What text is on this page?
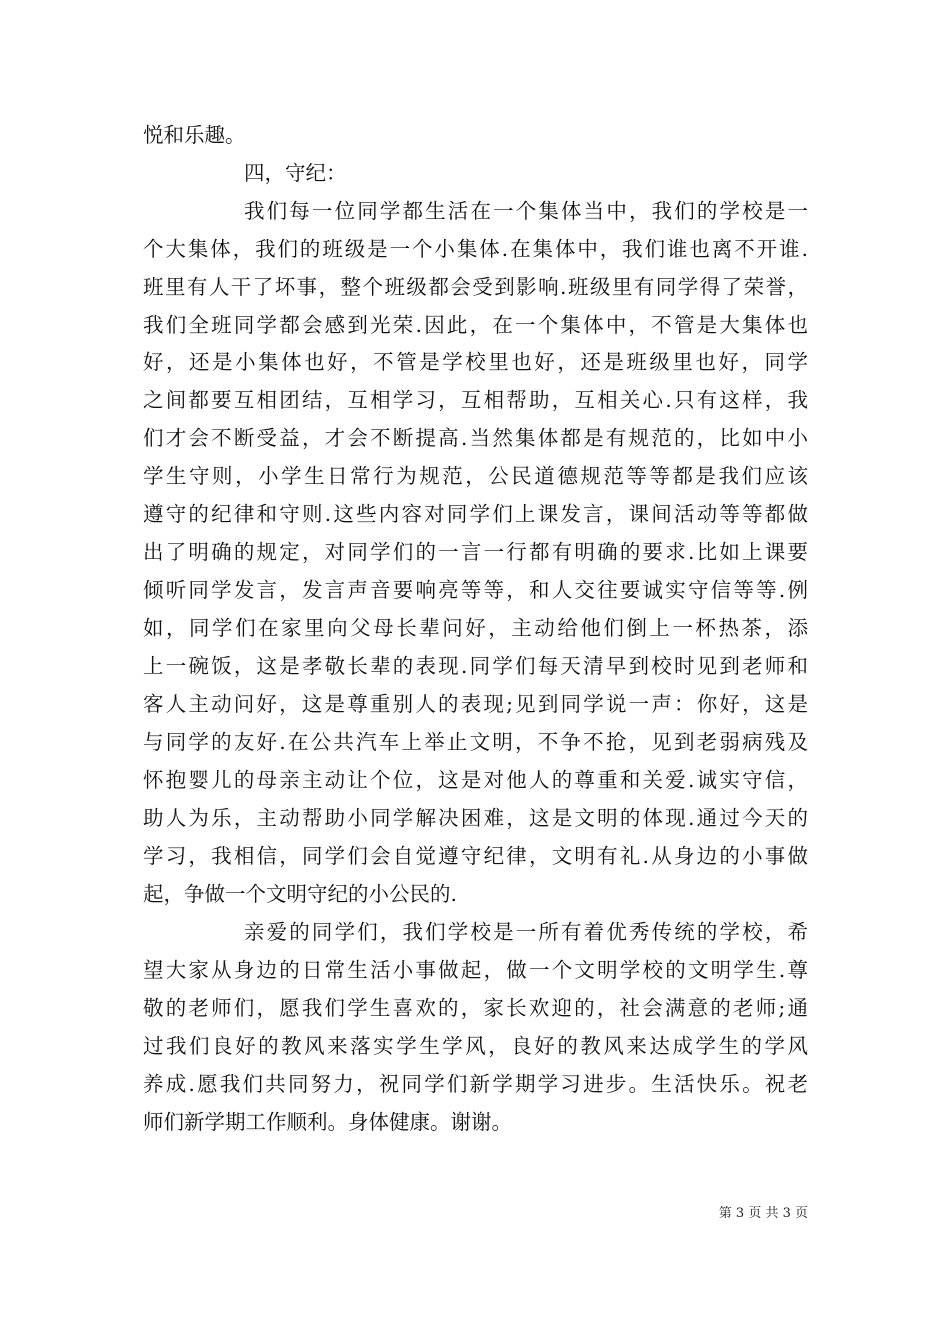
悦和乐趣。
四，守纪：
我们每一位同学都生活在一个集体当中，我们的学校是一
个大集体，我们的班级是一个小集体.在集体中，我们谁也离不开谁.
班里有人干了坏事，整个班级都会受到影响.班级里有同学得了荣誉，
我们全班同学都会感到光荣.因此，在一个集体中，不管是大集体也
好，还是小集体也好，不管是学校里也好，还是班级里也好，同学
之间都要互相团结，互相学习，互相帮助，互相关心.只有这样，我
们才会不断受益，才会不断提高.当然集体都是有规范的，比如中小
学生守则，小学生日常行为规范，公民道德规范等等都是我们应该
遵守的纪律和守则.这些内容对同学们上课发言，课间活动等等都做
出了明确的规定，对同学们的一言一行都有明确的要求.比如上课要
倾听同学发言，发言声音要响亮等等，和人交往要诚实守信等等.例
如，同学们在家里向父母长辈问好，主动给他们倒上一杯热茶，添
上一碗饭，这是孝敬长辈的表现.同学们每天清早到校时见到老师和
客人主动问好，这是尊重别人的表现;见到同学说一声：你好，这是
与同学的友好.在公共汽车上举止文明，不争不抢，见到老弱病残及
怀抱婴儿的母亲主动让个位，这是对他人的尊重和关爱.诚实守信，
助人为乐，主动帮助小同学解决困难，这是文明的体现.通过今天的
学习，我相信，同学们会自觉遵守纪律，文明有礼.从身边的小事做
起，争做一个文明守纪的小公民的.
亲爱的同学们，我们学校是一所有着优秀传统的学校，希
望大家从身边的日常生活小事做起，做一个文明学校的文明学生.尊
敬的老师们，愿我们学生喜欢的，家长欢迎的，社会满意的老师;通
过我们良好的教风来落实学生学风，良好的教风来达成学生的学风
养成.愿我们共同努力，祝同学们新学期学习进步。生活快乐。祝老
师们新学期工作顺利。身体健康。谢谢。
第 3 页 共 3 页
